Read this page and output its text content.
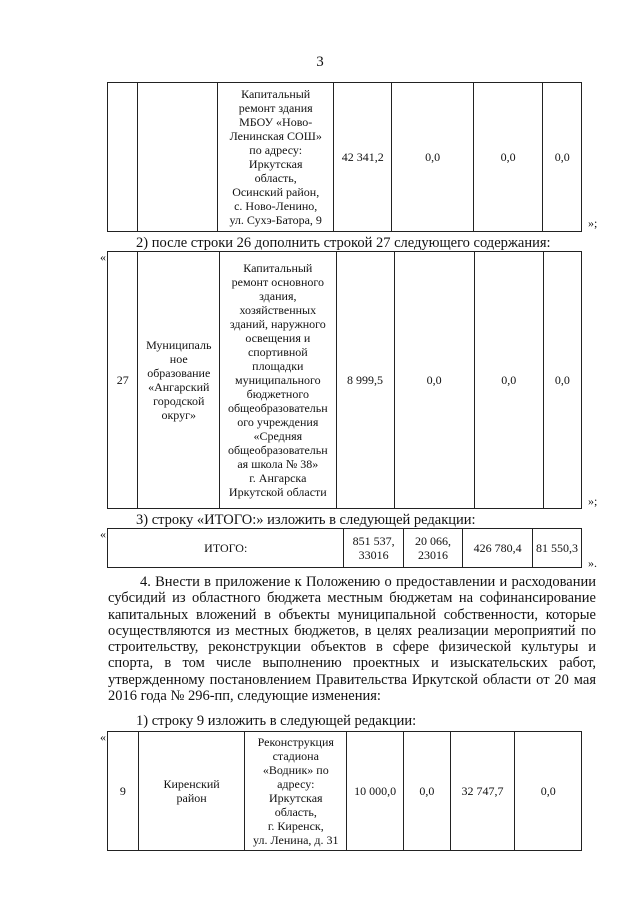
3
		Капитальный
ремонт здания
МБОУ «Ново-
Ленинская СОШ»
по адресу:
Иркутская
область,
Осинский район,
с. Ново-Ленино,
ул. Сухэ-Батора, 9	42 341,2	0,0	0,0	0,0
»;
2) после строки 26 дополнить строкой 27 следующего содержания:
«
27	Муниципаль
ное
образование
«Ангарский
городской
округ»	Капитальный
ремонт основного
здания,
хозяйственных
зданий, наружного
освещения и
спортивной
площадки
муниципального
бюджетного
общеобразовательн
ого учреждения
«Средняя
общеобразовательн
ая школа № 38»
г. Ангарска
Иркутской области	8 999,5	0,0	0,0	0,0
»;
3) строку «ИТОГО:» изложить в следующей редакции:
«
ИТОГО:	851 537,
33016	20 066,
23016	426 780,4	81 550,3
».
4. Внести в приложение к Положению о предоставлении и расходовании субсидий из областного бюджета местным бюджетам на софинансирование капитальных вложений в объекты муниципальной собственности, которые осуществляются из местных бюджетов, в целях реализации мероприятий по строительству, реконструкции объектов в сфере физической культуры и спорта, в том числе выполнению проектных и изыскательских работ, утвержденному постановлением Правительства Иркутской области от 20 мая 2016 года № 296-пп, следующие изменения:
1) строку 9 изложить в следующей редакции:
«
9	Киренский
район	Реконструкция
стадиона
«Водник» по
адресу:
Иркутская
область,
г. Киренск,
ул. Ленина, д. 31	10 000,0	0,0	32 747,7	0,0
